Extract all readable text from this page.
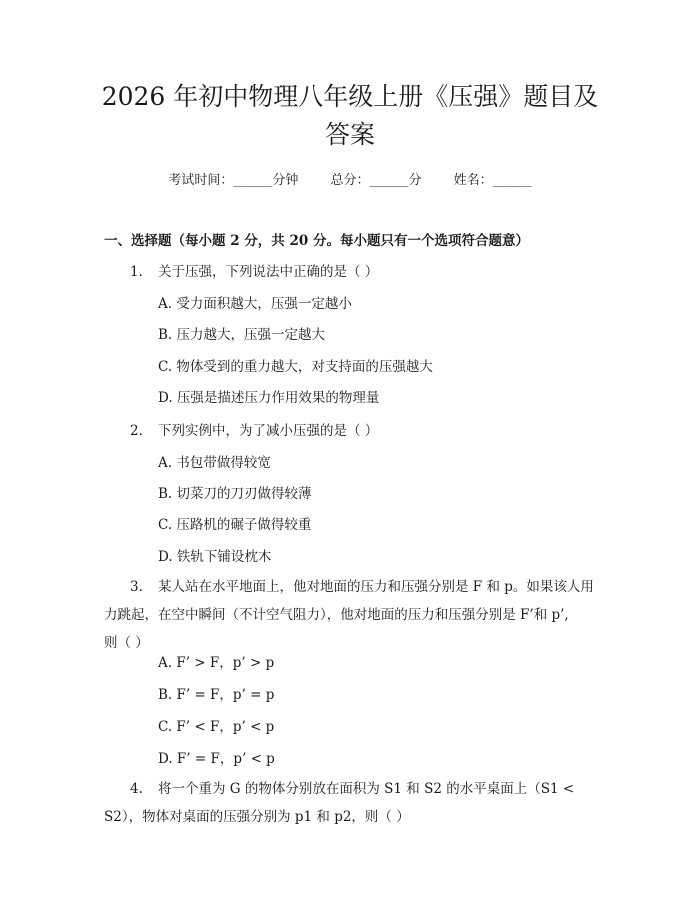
2026 年初中物理八年级上册《压强》题目及
答案
考试时间：______分钟 总分：______分 姓名：______

一、选择题（每小题 2 分，共 20 分。每小题只有一个选项符合题意）

1. 关于压强，下列说法中正确的是（ ）

A. 受力面积越大，压强一定越小

B. 压力越大，压强一定越大

C. 物体受到的重力越大，对支持面的压强越大

D. 压强是描述压力作用效果的物理量

2. 下列实例中，为了减小压强的是（ ）

A. 书包带做得较宽

B. 切菜刀的刀刃做得较薄

C. 压路机的碾子做得较重

D. 铁轨下铺设枕木

3. 某人站在水平地面上，他对地面的压力和压强分别是 F 和 p。如果该人用
力跳起，在空中瞬间（不计空气阻力），他对地面的压力和压强分别是 F’和 p’,
则（ ）

A. F’ > F，p’ > p

B. F’ = F，p’ = p

C. F’ < F，p’ < p

D. F’ = F，p’ < p

4. 将一个重为 G 的物体分别放在面积为 S1 和 S2 的水平桌面上（S1 <
S2），物体对桌面的压强分别为 p1 和 p2，则（ ）
